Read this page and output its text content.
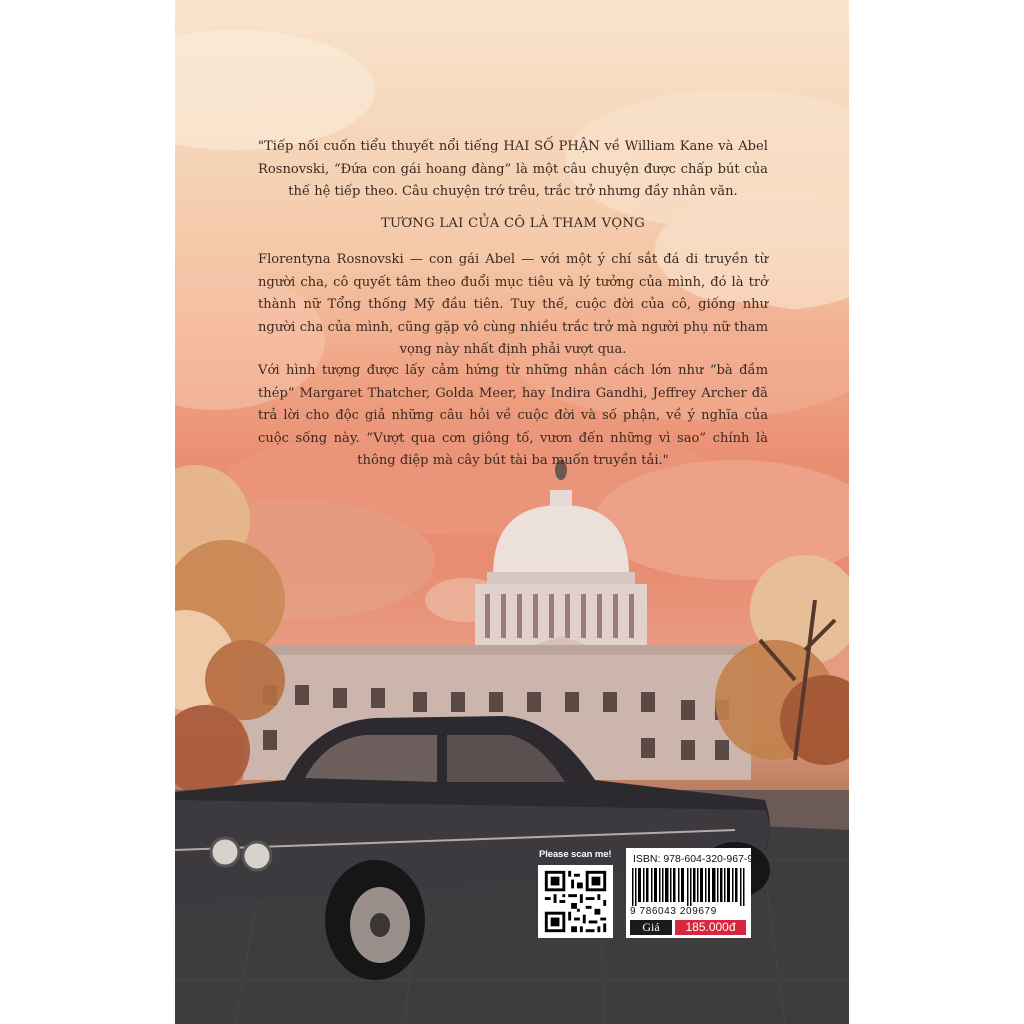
"Tiếp nối cuốn tiểu thuyết nổi tiếng HAI SỐ PHẬN về William Kane và Abel Rosnovski, “Đứa con gái hoang đàng” là một câu chuyện được chấp bút của thế hệ tiếp theo. Câu chuyện trớ trêu, trắc trở nhưng đầy nhân văn.

TƯƠNG LAI CỦA CÔ LÀ THAM VỌNG

Florentyna Rosnovski — con gái Abel — với một ý chí sắt đá di truyền từ người cha, cô quyết tâm theo đuổi mục tiêu và lý tưởng của mình, đó là trở thành nữ Tổng thống Mỹ đầu tiên. Tuy thế, cuộc đời của cô, giống như người cha của mình, cũng gặp vô cùng nhiều trắc trở mà người phụ nữ tham vọng này nhất định phải vượt qua.

Với hình tượng được lấy cảm hứng từ những nhân cách lớn như “bà đầm thép” Margaret Thatcher, Golda Meer, hay Indira Gandhi, Jeffrey Archer đã trả lời cho độc giả những câu hỏi về cuộc đời và số phận, về ý nghĩa của cuộc sống này. “Vượt qua cơn giông tố, vươn đến những vì sao” chính là thông điệp mà cây bút tài ba muốn truyền tải."

Please scan me! ISBN: 978-604-320-967-9
9 786043 209679
Giá	185.000đ
